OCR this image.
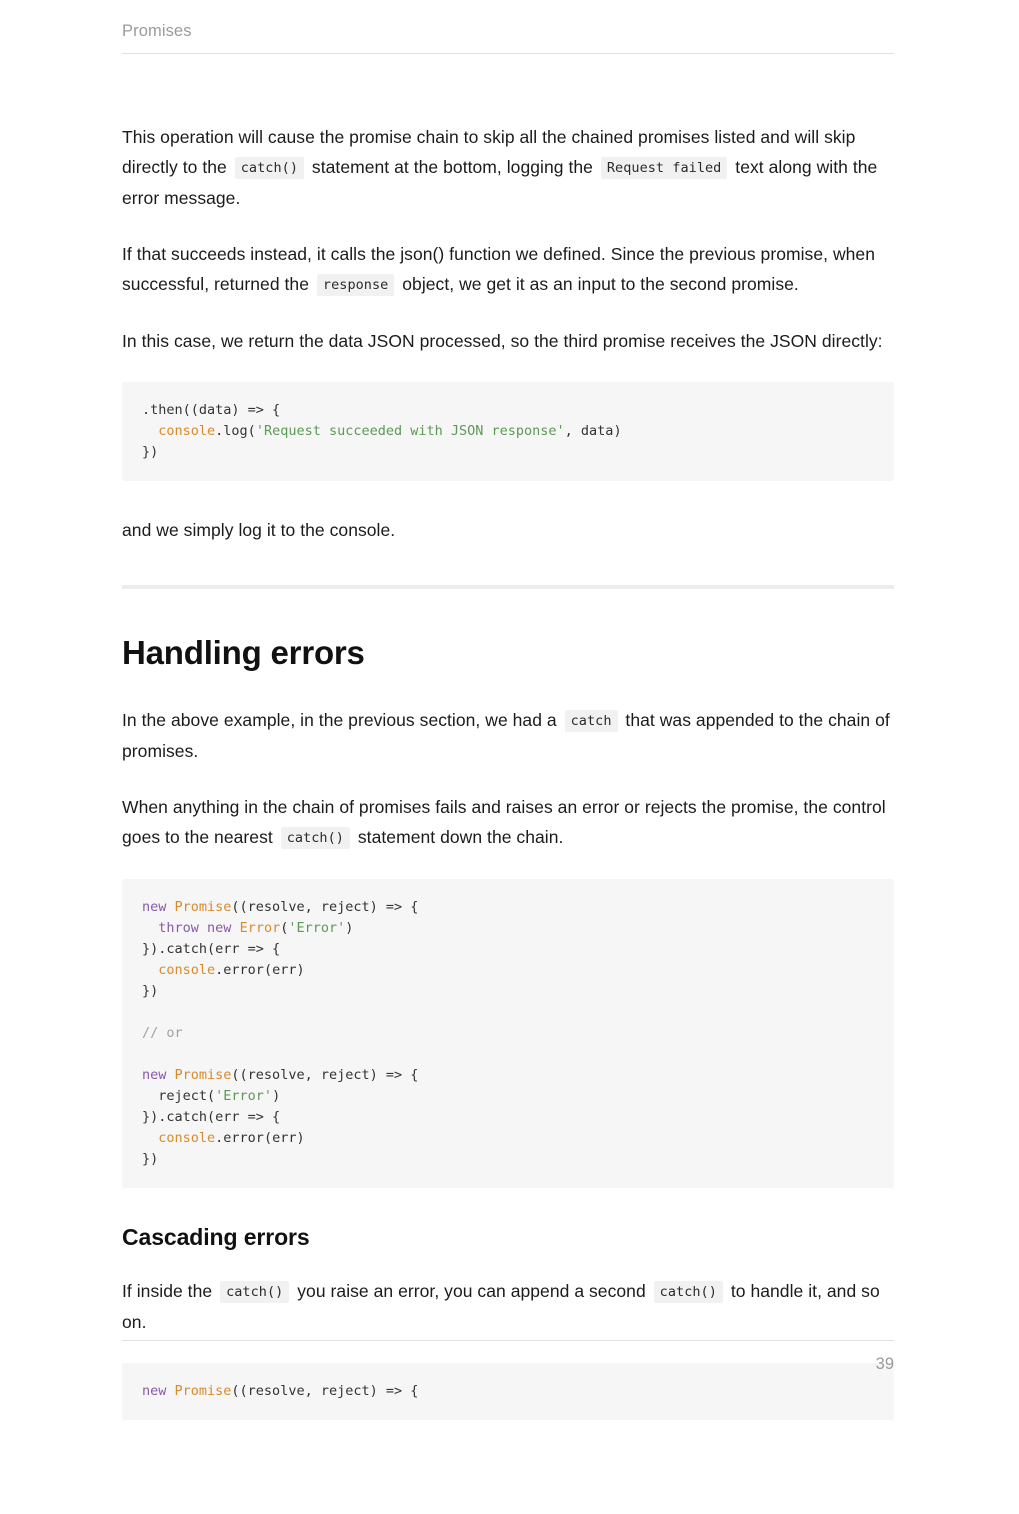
Promises

This operation will cause the promise chain to skip all the chained promises listed and will skip directly to the catch() statement at the bottom, logging the Request failed text along with the error message.

If that succeeds instead, it calls the json() function we defined. Since the previous promise, when successful, returned the response object, we get it as an input to the second promise.

In this case, we return the data JSON processed, so the third promise receives the JSON directly:

.then((data) => {
console.log('Request succeeded with JSON response', data)
})

and we simply log it to the console.

Handling errors

In the above example, in the previous section, we had a catch that was appended to the chain of promises.

When anything in the chain of promises fails and raises an error or rejects the promise, the control goes to the nearest catch() statement down the chain.

new Promise((resolve, reject) => {
throw new Error('Error')
}).catch(err => {
console.error(err)
})

// or

new Promise((resolve, reject) => {
reject('Error')
}).catch(err => {
console.error(err)
})
Cascading errors

If inside the catch() you raise an error, you can append a second catch() to handle it, and so on.

new Promise((resolve, reject) => {
39
